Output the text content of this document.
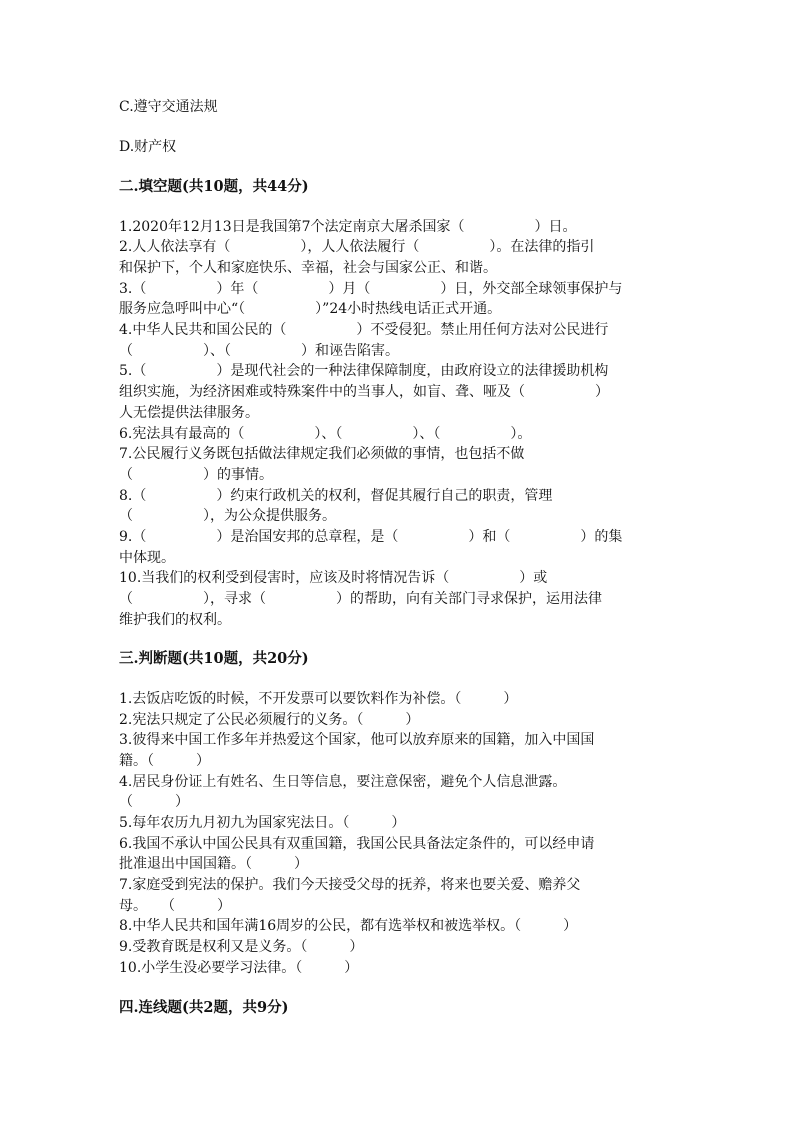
C.遵守交通法规
D.财产权
二.填空题(共10题，共44分)
1.2020年12月13日是我国第7个法定南京大屠杀国家（　　　　　）日。
2.人人依法享有（　　　　　），人人依法履行（　　　　　）。在法律的指引
和保护下，个人和家庭快乐、幸福，社会与国家公正、和谐。
3.（　　　　　）年（　　　　　）月（　　　　　）日，外交部全球领事保护与
服务应急呼叫中心“（　　　　　）”24小时热线电话正式开通。
4.中华人民共和国公民的（　　　　　）不受侵犯。禁止用任何方法对公民进行
（　　　　　）、（　　　　　）和诬告陷害。
5.（　　　　　）是现代社会的一种法律保障制度，由政府设立的法律援助机构
组织实施，为经济困难或特殊案件中的当事人，如盲、聋、哑及（　　　　　）
人无偿提供法律服务。
6.宪法具有最高的（　　　　　）、（　　　　　）、（　　　　　）。
7.公民履行义务既包括做法律规定我们必须做的事情，也包括不做
（　　　　　）的事情。
8.（　　　　　）约束行政机关的权利，督促其履行自己的职责，管理
（　　　　　），为公众提供服务。
9.（　　　　　）是治国安邦的总章程，是（　　　　　）和（　　　　　）的集
中体现。
10.当我们的权利受到侵害时，应该及时将情况告诉（　　　　　）或
（　　　　　），寻求（　　　　　）的帮助，向有关部门寻求保护，运用法律
维护我们的权利。
三.判断题(共10题，共20分)
1.去饭店吃饭的时候，不开发票可以要饮料作为补偿。（　　　）
2.宪法只规定了公民必须履行的义务。（　　　）
3.彼得来中国工作多年并热爱这个国家，他可以放弃原来的国籍，加入中国国
籍。（　　　）
4.居民身份证上有姓名、生日等信息，要注意保密，避免个人信息泄露。
（　　　）
5.每年农历九月初九为国家宪法日。（　　　）
6.我国不承认中国公民具有双重国籍，我国公民具备法定条件的，可以经申请
批准退出中国国籍。（　　　）
7.家庭受到宪法的保护。我们今天接受父母的抚养，将来也要关爱、赡养父
母。　　（　　　）
8.中华人民共和国年满16周岁的公民，都有选举权和被选举权。（　　　）
9.受教育既是权利又是义务。（　　　）
10.小学生没必要学习法律。（　　　）
四.连线题(共2题，共9分)
